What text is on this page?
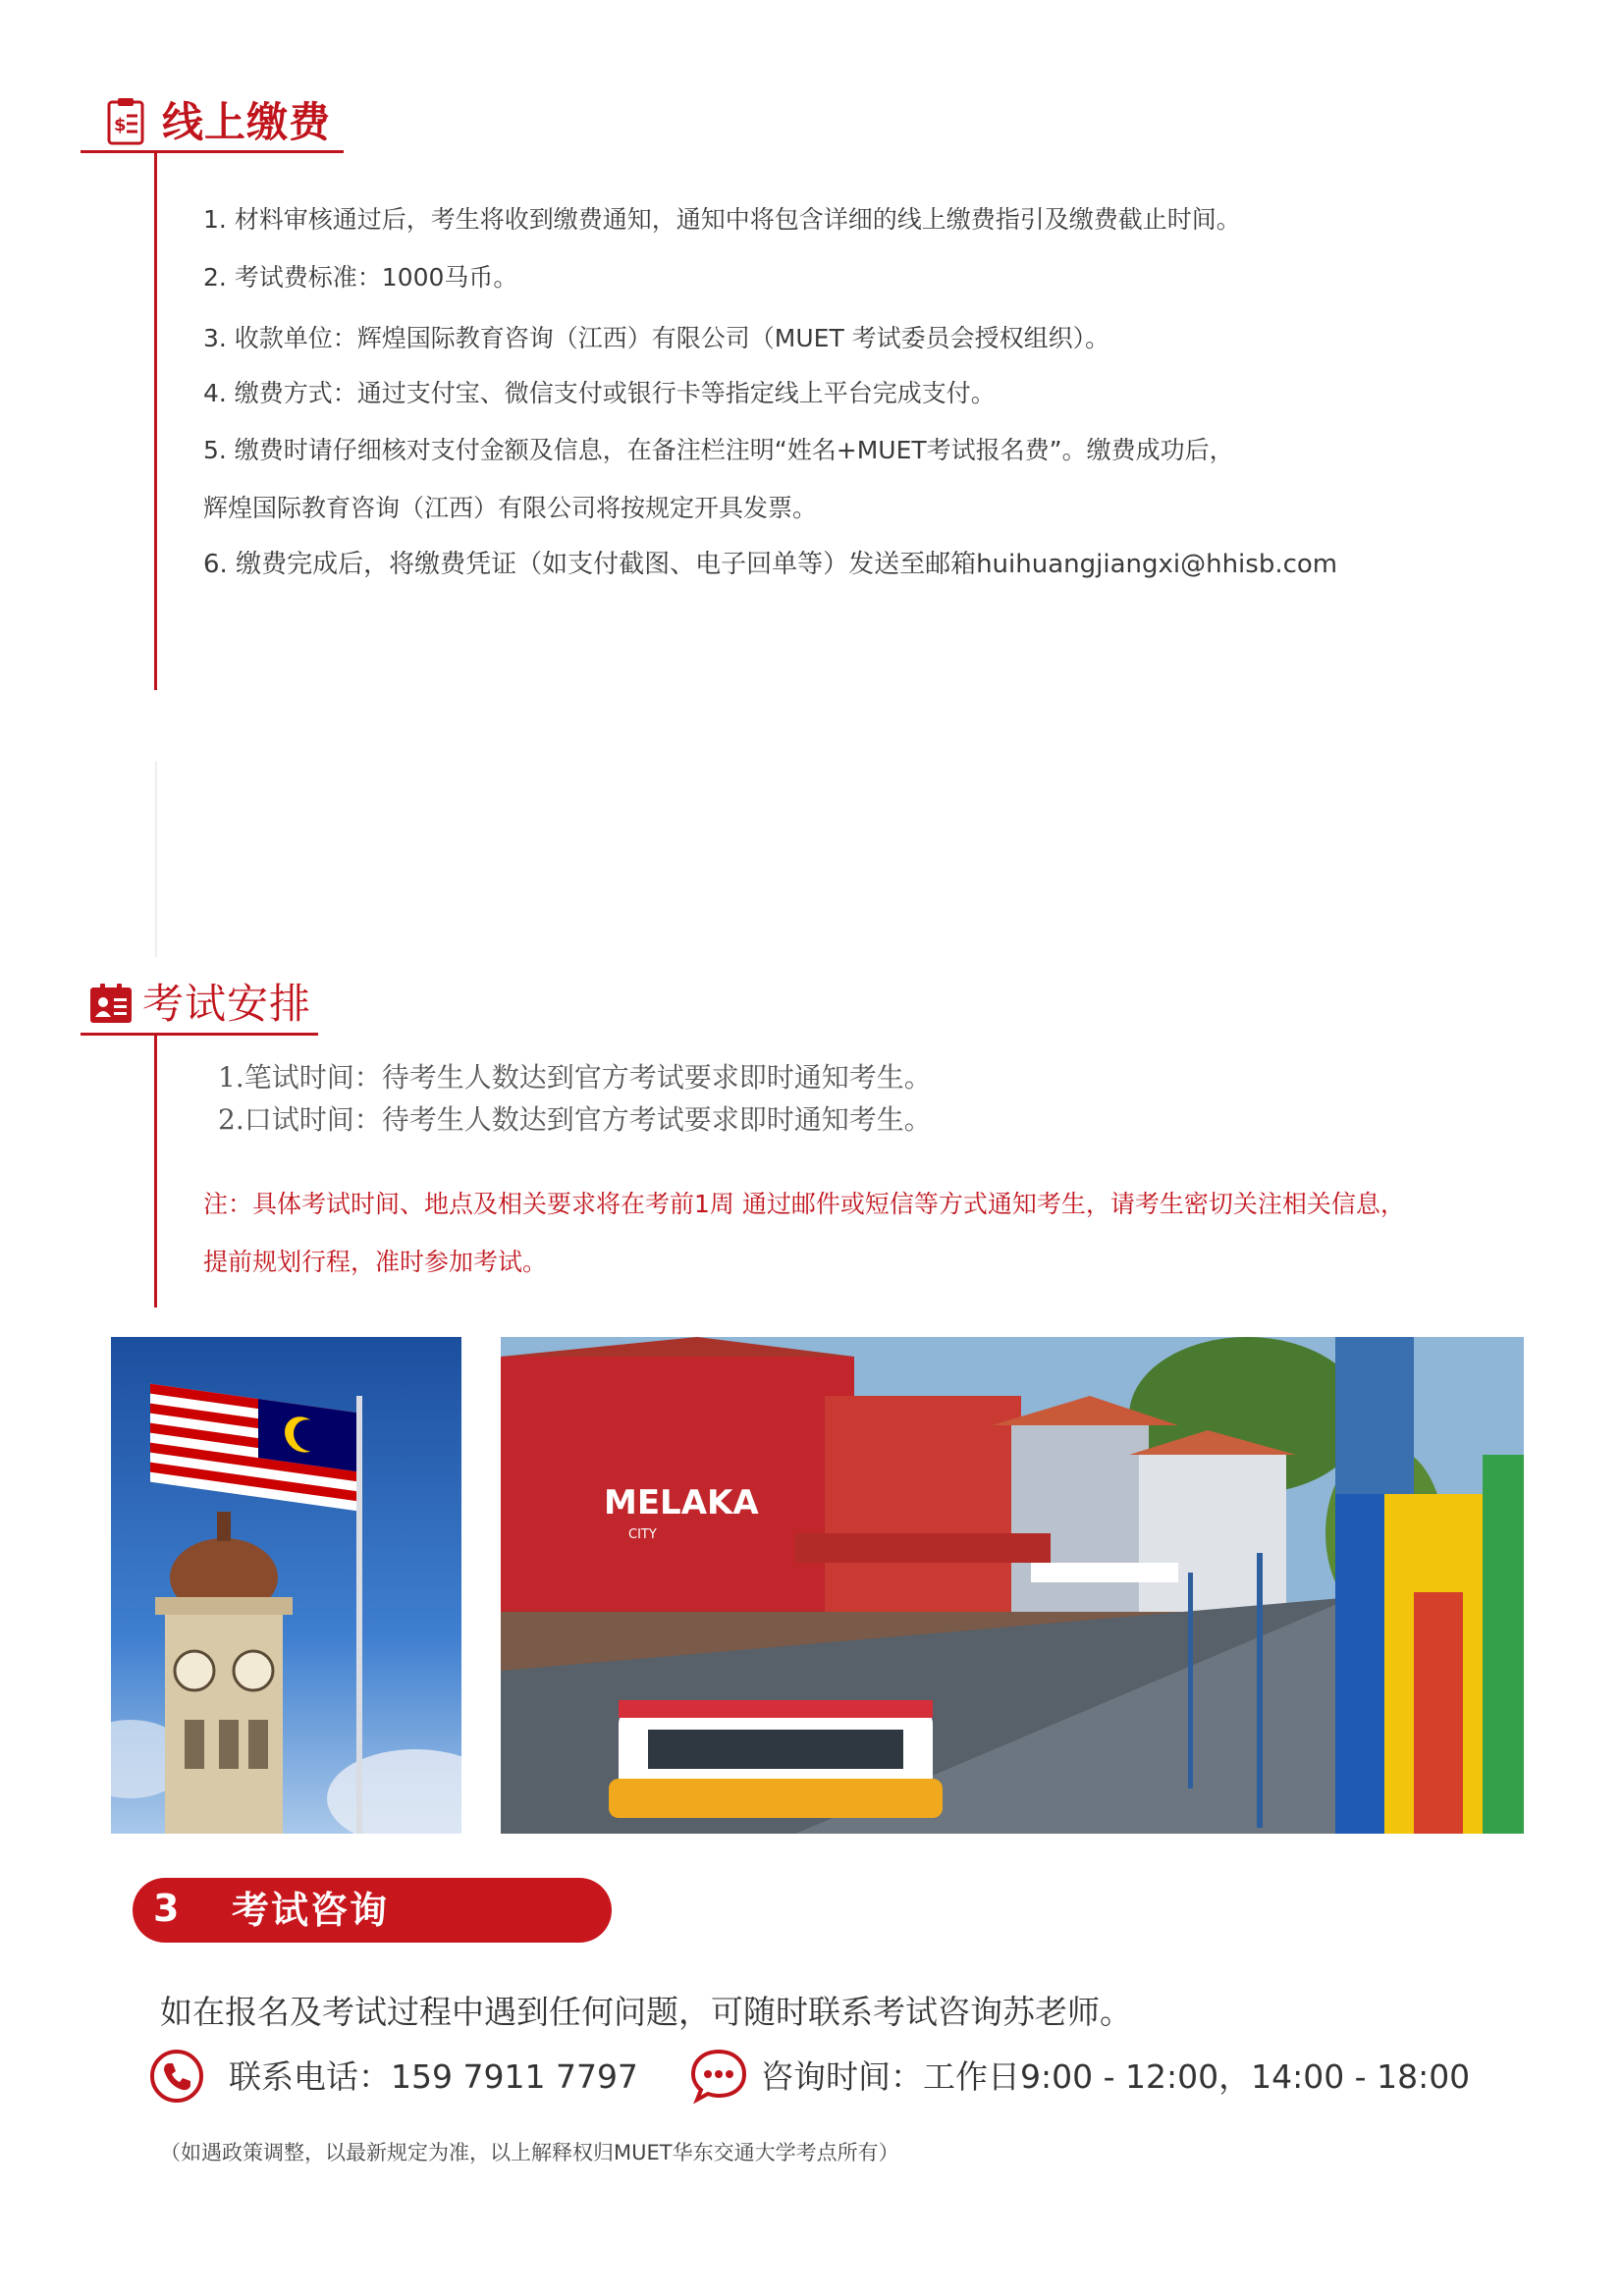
$ 线上缴费
1. 材料审核通过后，考生将收到缴费通知，通知中将包含详细的线上缴费指引及缴费截止时间。
2. 考试费标准：1000马币。
3. 收款单位：辉煌国际教育咨询（江西）有限公司（MUET 考试委员会授权组织）。
4. 缴费方式：通过支付宝、微信支付或银行卡等指定线上平台完成支付。
5. 缴费时请仔细核对支付金额及信息，在备注栏注明“姓名+MUET考试报名费”。缴费成功后，
辉煌国际教育咨询（江西）有限公司将按规定开具发票。
6. 缴费完成后，将缴费凭证（如支付截图、电子回单等）发送至邮箱huihuangjiangxi@hhisb.com
考试安排
1.笔试时间：待考生人数达到官方考试要求即时通知考生。
2.口试时间：待考生人数达到官方考试要求即时通知考生。
注：具体考试时间、地点及相关要求将在考前1周 通过邮件或短信等方式通知考生，请考生密切关注相关信息，
提前规划行程，准时参加考试。
MELAKA
CITY
3 考试咨询
如在报名及考试过程中遇到任何问题，可随时联系考试咨询苏老师。
联系电话：159 7911 7797	咨询时间：工作日9:00 - 12:00，14:00 - 18:00
（如遇政策调整，以最新规定为准，以上解释权归MUET华东交通大学考点所有）
